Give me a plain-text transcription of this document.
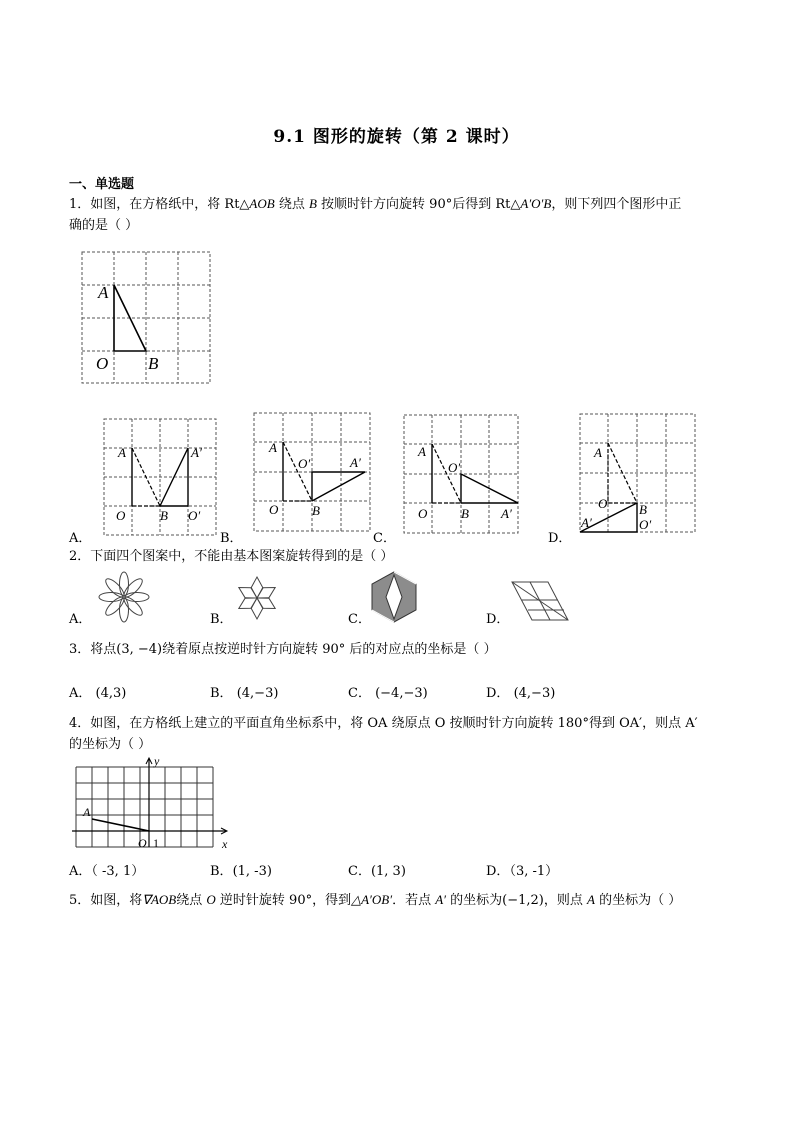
9.1 图形的旋转（第 2 课时）
一、单选题
1．如图，在方格纸中，将 Rt△AOB 绕点 B 按顺时针方向旋转 90°后得到 Rt△A′O′B，则下列四个图形中正
确的是（ ）
A
O B
A	A′
O	B O′
A．
A
O′	A′
O	B
B．
A
O′
O	B A′
C．
A
O
A′
B
O′
D．
2．下面四个图案中，不能由基本图案旋转得到的是（ ）
A．	B．	C．	D．
3．将点(3, −4)绕着原点按逆时针方向旋转 90° 后的对应点的坐标是（ ）
A． (4,3)	B． (4,−3)	C． (−4,−3)	D． (4,−3)
4．如图，在方格纸上建立的平面直角坐标系中，将 OA 绕原点 O 按顺时针方向旋转 180°得到 OA′，则点 A′
的坐标为（ ）
y
x
A
O 1
A．（ -3, 1）	B．(1, -3)	C．(1, 3)	D．（3, -1）
5．如图，将∇AOB绕点 O 逆时针旋转 90°，得到△A′OB′．若点 A′ 的坐标为(−1,2)，则点 A 的坐标为（ ）
